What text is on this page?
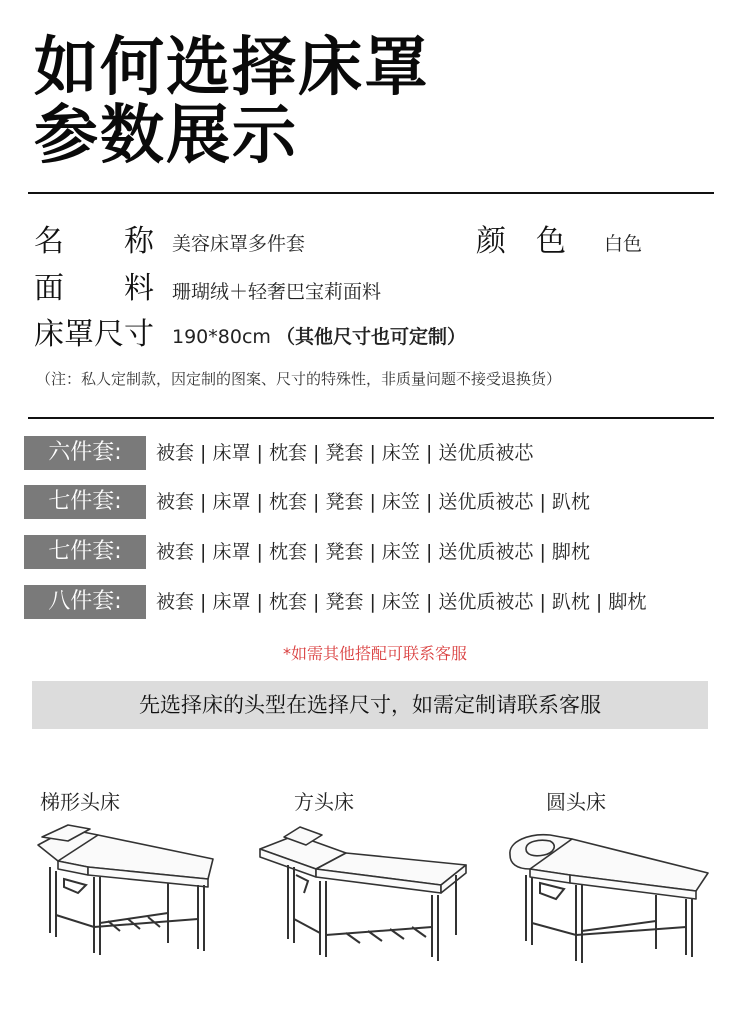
如何选择床罩
参数展示
名　　称 美容床罩多件套	颜　色 白色
面　　料 珊瑚绒＋轻奢巴宝莉面料
床罩尺寸 190*80cm （其他尺寸也可定制）
（注：私人定制款，因定制的图案、尺寸的特殊性，非质量问题不接受退换货）
六件套:	被套 | 床罩 | 枕套 | 凳套 | 床笠 | 送优质被芯
七件套:	被套 | 床罩 | 枕套 | 凳套 | 床笠 | 送优质被芯 | 趴枕
七件套:	被套 | 床罩 | 枕套 | 凳套 | 床笠 | 送优质被芯 | 脚枕
八件套:	被套 | 床罩 | 枕套 | 凳套 | 床笠 | 送优质被芯 | 趴枕 | 脚枕
*如需其他搭配可联系客服
先选择床的头型在选择尺寸，如需定制请联系客服
梯形头床	方头床	圆头床
